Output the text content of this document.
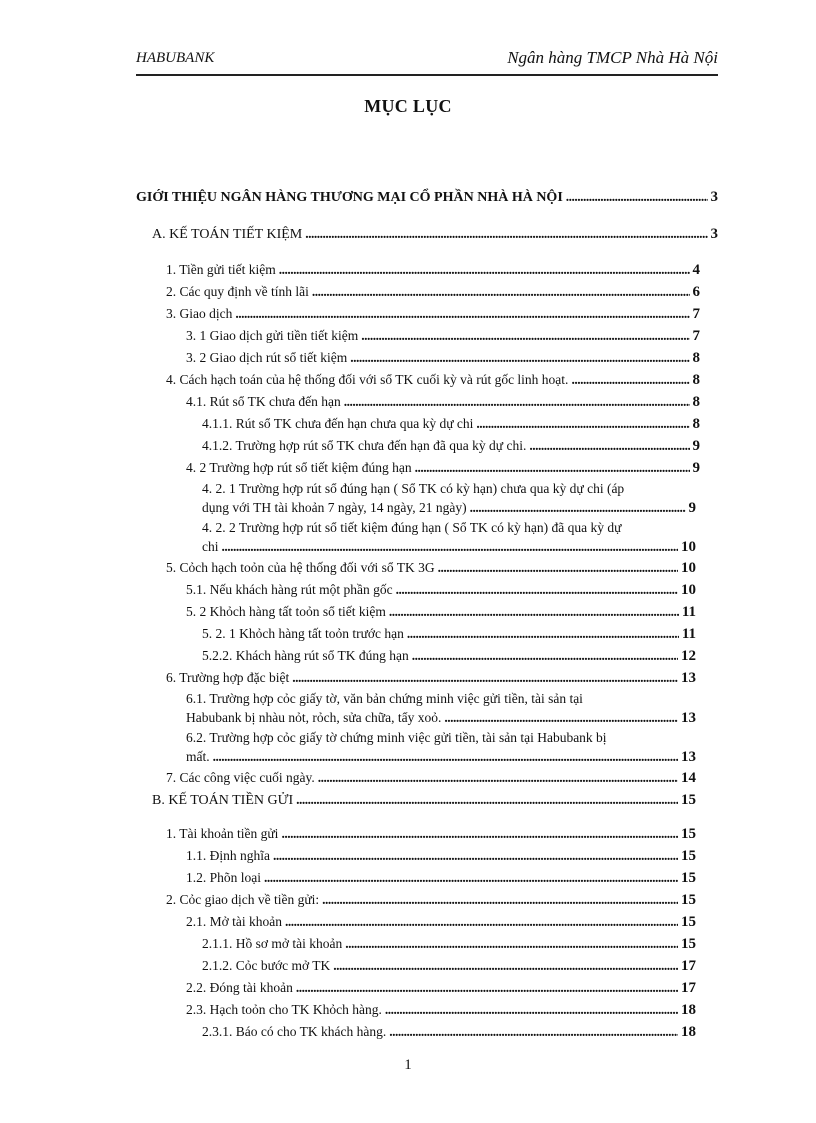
HABUBANK	Ngân hàng TMCP Nhà Hà Nội
MỤC LỤC
GIỚI THIỆU NGÂN HÀNG THƯƠNG MẠI CỔ PHẦN NHÀ HÀ NỘI .....	3
A. KẾ TOÁN TIẾT KIỆM .....	3
1. Tiền gửi tiết kiệm .....	4
2. Các quy định về tính lãi .....	6
3. Giao dịch .....	7
3. 1 Giao dịch gửi tiền tiết kiệm .....	7
3. 2 Giao dịch rút sổ tiết kiệm .....	8
4. Cách hạch toán của hệ thống đối với sổ TK cuối kỳ và rút gốc linh hoạt. .....	8
4.1. Rút sổ TK chưa đến hạn .....	8
4.1.1. Rút sổ TK chưa đến hạn chưa qua kỳ dự chi .....	8
4.1.2. Trường hợp rút sổ TK chưa đến hạn đã qua kỳ dự chi. .....	9
4. 2 Trường hợp rút sổ tiết kiệm đúng hạn .....	9
4. 2. 1 Trường hợp rút sổ đúng hạn ( Sổ TK có kỳ hạn) chưa qua kỳ dự chi (áp
dụng với TH tài khoản 7 ngày, 14 ngày, 21 ngày) .....	9
4. 2. 2 Trường hợp rút sổ tiết kiệm đúng hạn ( Sổ TK có kỳ hạn) đã qua kỳ dự
chi .....	10
5. Cỏch hạch toỏn của hệ thống đối với sổ TK 3G .....	10
5.1. Nếu khách hàng rút một phần gốc .....	10
5. 2 Khỏch hàng tất toỏn sổ tiết kiệm .....	11
5. 2. 1 Khỏch hàng tất toỏn trước hạn .....	11
5.2.2. Khách hàng rút sổ TK đúng hạn .....	12
6. Trường hợp đặc biệt .....	13
6.1. Trường hợp cỏc giấy tờ, văn bản chứng minh việc gửi tiền, tài sản tại
Habubank bị nhàu nỏt, rỏch, sửa chữa, tẩy xoỏ. .....	13
6.2. Trường hợp cỏc giấy tờ chứng minh việc gửi tiền, tài sản tại Habubank bị
mất. .....	13
7. Các công việc cuối ngày. .....	14
B. KẾ TOÁN TIỀN GỬI .....	15
1. Tài khoản tiền gửi .....	15
1.1. Định nghĩa .....	15
1.2. Phõn loại .....	15
2. Cỏc giao dịch về tiền gửi: .....	15
2.1. Mở tài khoản .....	15
2.1.1. Hồ sơ mở tài khoản .....	15
2.1.2. Cỏc bước mở TK .....	17
2.2. Đóng tài khoản .....	17
2.3. Hạch toỏn cho TK Khỏch hàng. .....	18
2.3.1. Báo có cho TK khách hàng. .....	18
1
